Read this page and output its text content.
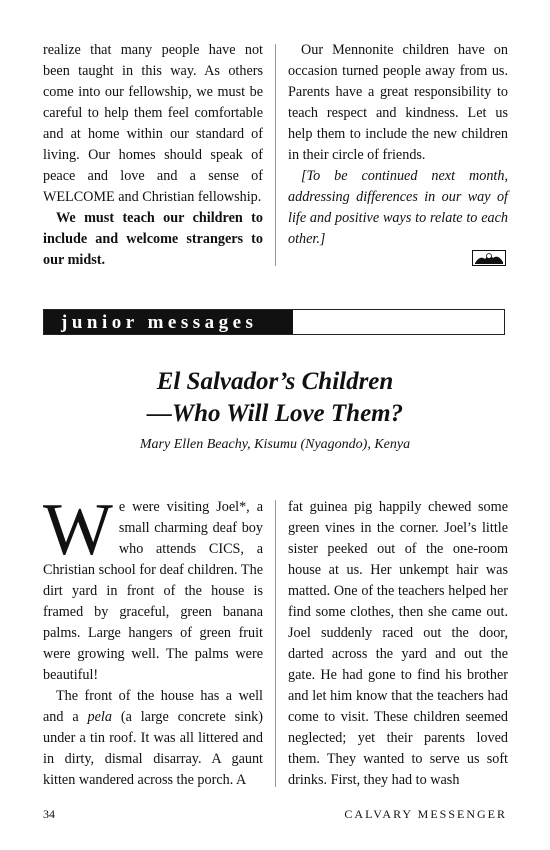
realize that many people have not been taught in this way. As others come into our fellowship, we must be careful to help them feel comfortable and at home within our standard of living. Our homes should speak of peace and love and a sense of WELCOME and Christian fellowship.

We must teach our children to include and welcome strangers to our midst.

Our Mennonite children have on occasion turned people away from us. Parents have a great responsibility to teach respect and kindness. Let us help them to include the new children in their circle of friends.

[To be continued next month, addressing differences in our way of life and positive ways to relate to each other.]

junior messages
El Salvador’s Children
—Who Will Love Them?
Mary Ellen Beachy, Kisumu (Nyagondo), Kenya

We were visiting Joel*, a small charming deaf boy who attends CICS, a Christian school for deaf children. The dirt yard in front of the house is framed by graceful, green banana palms. Large hangers of green fruit were growing well. The palms were beautiful!

The front of the house has a well and a pela (a large concrete sink) under a tin roof. It was all littered and in dirty, dismal disarray. A gaunt kitten wandered across the porch. A

fat guinea pig happily chewed some green vines in the corner. Joel’s little sister peeked out of the one-room house at us. Her unkempt hair was matted. One of the teachers helped her find some clothes, then she came out. Joel suddenly raced out the door, darted across the yard and out the gate. He had gone to find his brother and let him know that the teachers had come to visit. These children seemed neglected; yet their parents loved them. They wanted to serve us soft drinks. First, they had to wash

34	CALVARY MESSENGER
